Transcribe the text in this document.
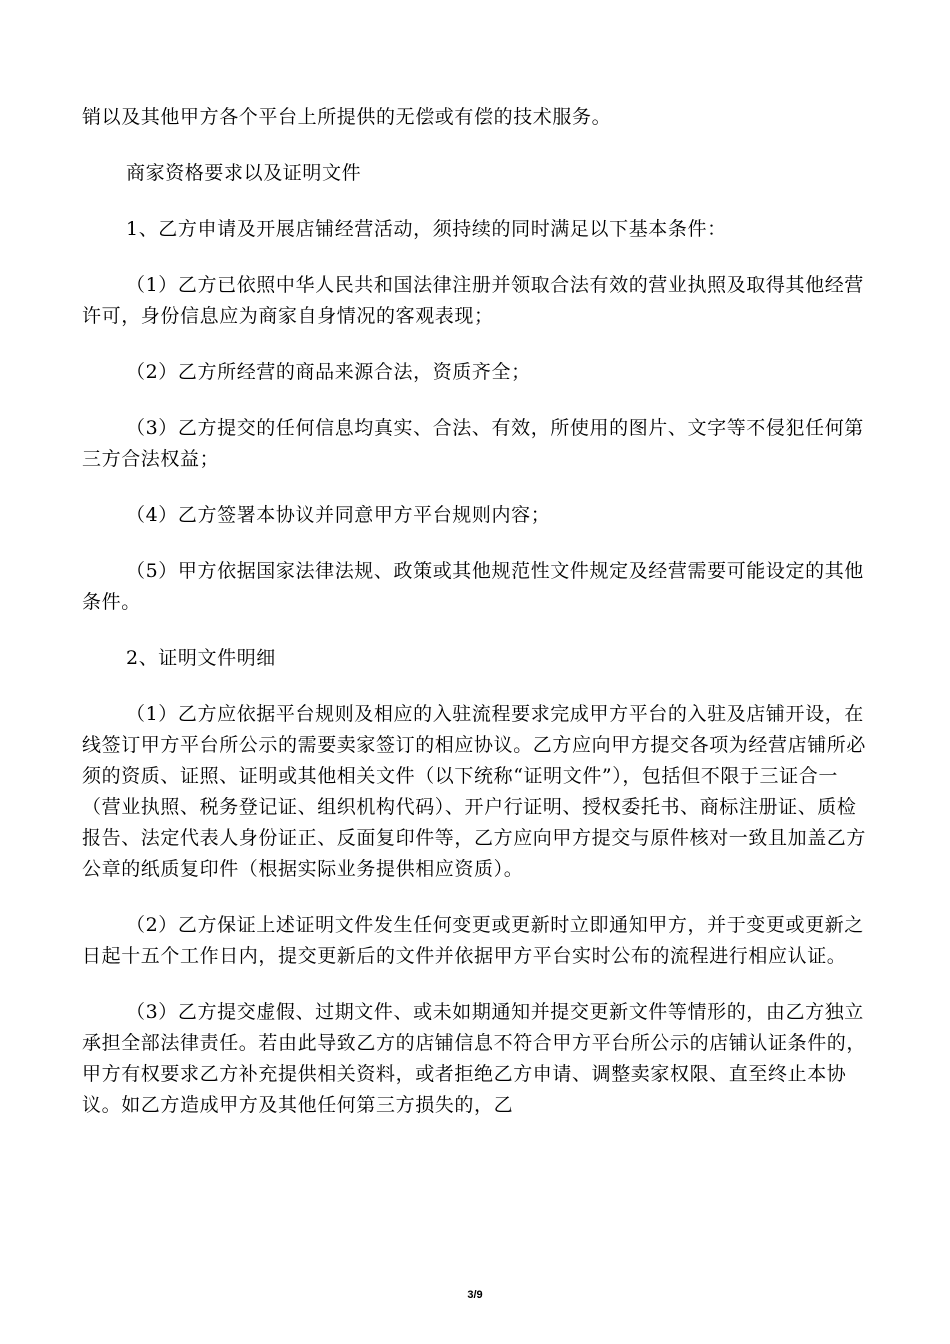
销以及其他甲方各个平台上所提供的无偿或有偿的技术服务。

商家资格要求以及证明文件

1、乙方申请及开展店铺经营活动，须持续的同时满足以下基本条件：

（1）乙方已依照中华人民共和国法律注册并领取合法有效的营业执照及取得其他经营许可，身份信息应为商家自身情况的客观表现；

（2）乙方所经营的商品来源合法，资质齐全；

（3）乙方提交的任何信息均真实、合法、有效，所使用的图片、文字等不侵犯任何第三方合法权益；

（4）乙方签署本协议并同意甲方平台规则内容；

（5）甲方依据国家法律法规、政策或其他规范性文件规定及经营需要可能设定的其他条件。

2、证明文件明细

（1）乙方应依据平台规则及相应的入驻流程要求完成甲方平台的入驻及店铺开设，在线签订甲方平台所公示的需要卖家签订的相应协议。乙方应向甲方提交各项为经营店铺所必须的资质、证照、证明或其他相关文件（以下统称“证明文件”），包括但不限于三证合一（营业执照、税务登记证、组织机构代码）、开户行证明、授权委托书、商标注册证、质检报告、法定代表人身份证正、反面复印件等，乙方应向甲方提交与原件核对一致且加盖乙方公章的纸质复印件（根据实际业务提供相应资质）。

（2）乙方保证上述证明文件发生任何变更或更新时立即通知甲方，并于变更或更新之日起十五个工作日内，提交更新后的文件并依据甲方平台实时公布的流程进行相应认证。

（3）乙方提交虚假、过期文件、或未如期通知并提交更新文件等情形的，由乙方独立承担全部法律责任。若由此导致乙方的店铺信息不符合甲方平台所公示的店铺认证条件的，甲方有权要求乙方补充提供相关资料，或者拒绝乙方申请、调整卖家权限、直至终止本协议。如乙方造成甲方及其他任何第三方损失的，乙

3/9
